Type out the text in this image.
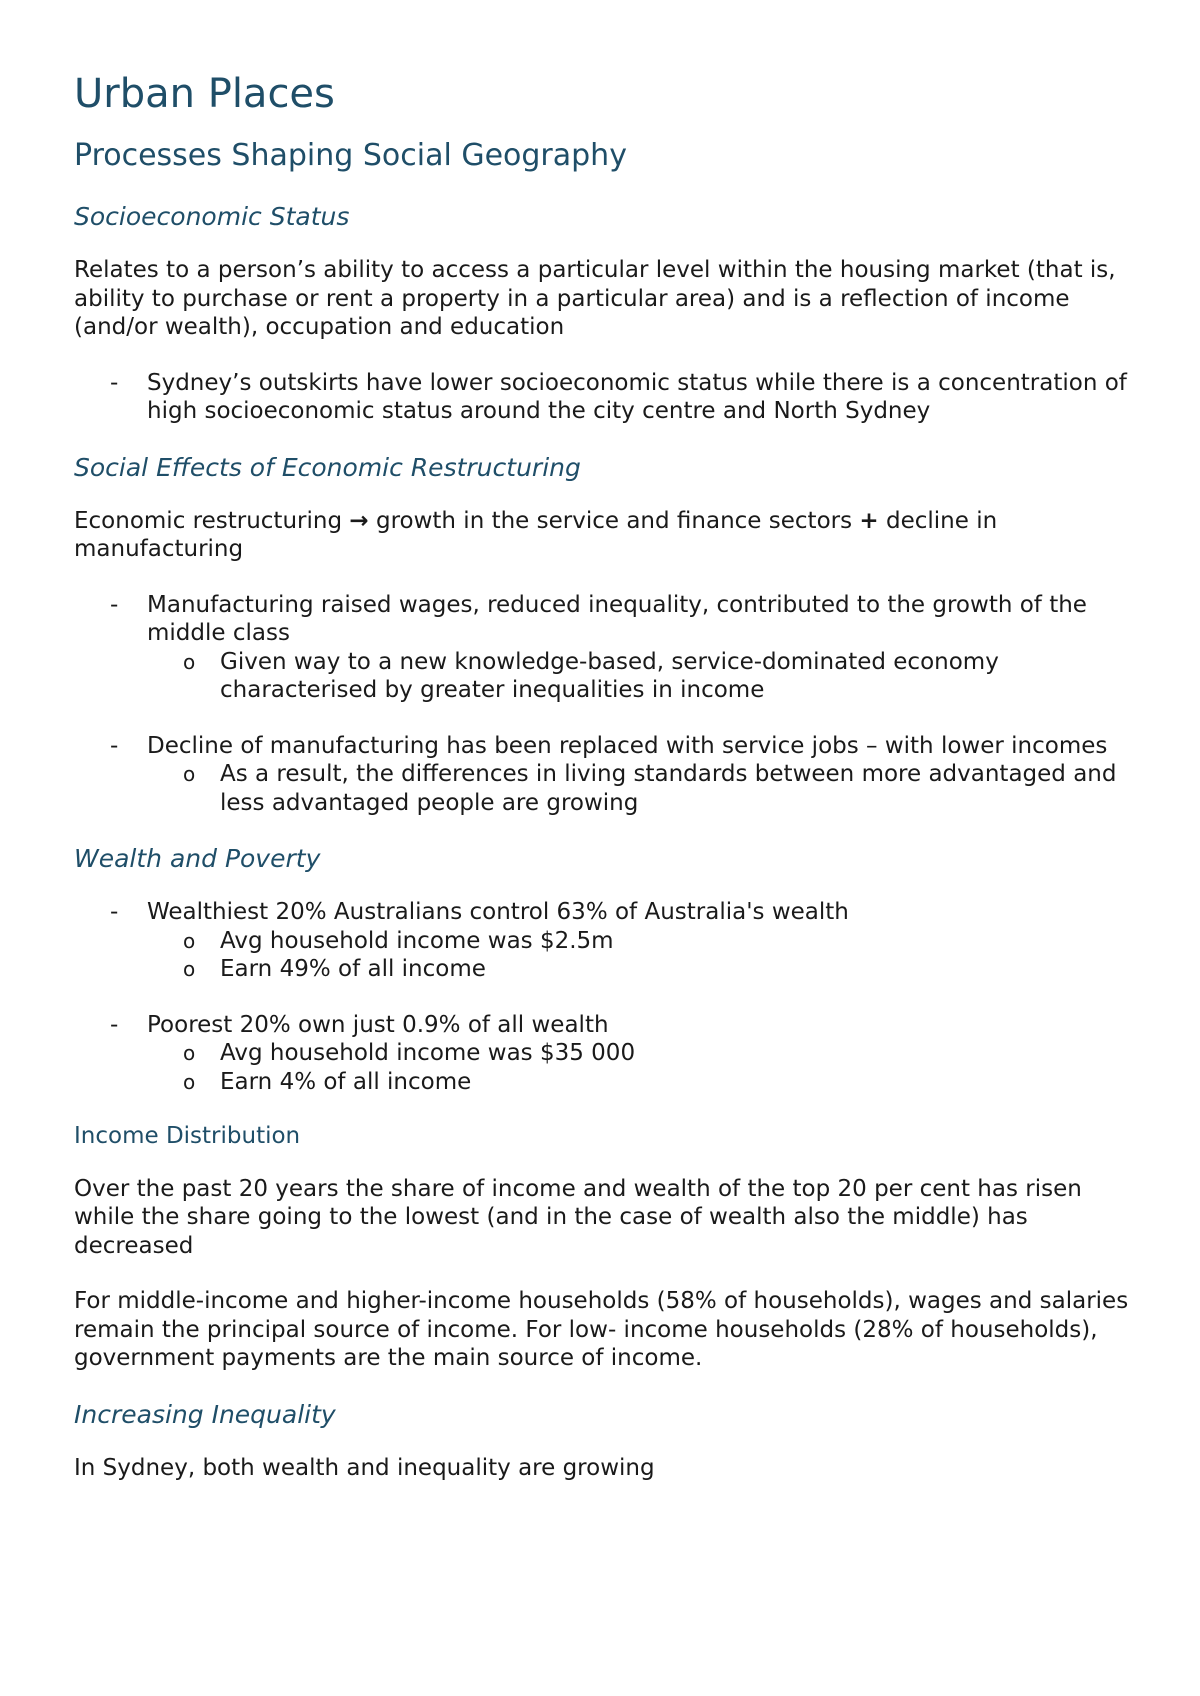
Urban Places
Processes Shaping Social Geography
Socioeconomic Status

Relates to a person’s ability to access a particular level within the housing market (that is, ability to purchase or rent a property in a particular area) and is a reflection of income (and/or wealth), occupation and education

- Sydney’s outskirts have lower socioeconomic status while there is a concentration of high socioeconomic status around the city centre and North Sydney
Social Effects of Economic Restructuring

Economic restructuring → growth in the service and finance sectors + decline in manufacturing

- Manufacturing raised wages, reduced inequality, contributed to the growth of the middle class
o Given way to a new knowledge-based, service-dominated economy characterised by greater inequalities in income
- Decline of manufacturing has been replaced with service jobs – with lower incomes
o As a result, the differences in living standards between more advantaged and less advantaged people are growing
Wealth and Poverty
- Wealthiest 20% Australians control 63% of Australia's wealth
o Avg household income was $2.5m
o Earn 49% of all income
- Poorest 20% own just 0.9% of all wealth
o Avg household income was $35 000
o Earn 4% of all income
Income Distribution

Over the past 20 years the share of income and wealth of the top 20 per cent has risen while the share going to the lowest (and in the case of wealth also the middle) has decreased

For middle-income and higher-income households (58% of households), wages and salaries remain the principal source of income. For low- income households (28% of households), government payments are the main source of income.

Increasing Inequality

In Sydney, both wealth and inequality are growing
